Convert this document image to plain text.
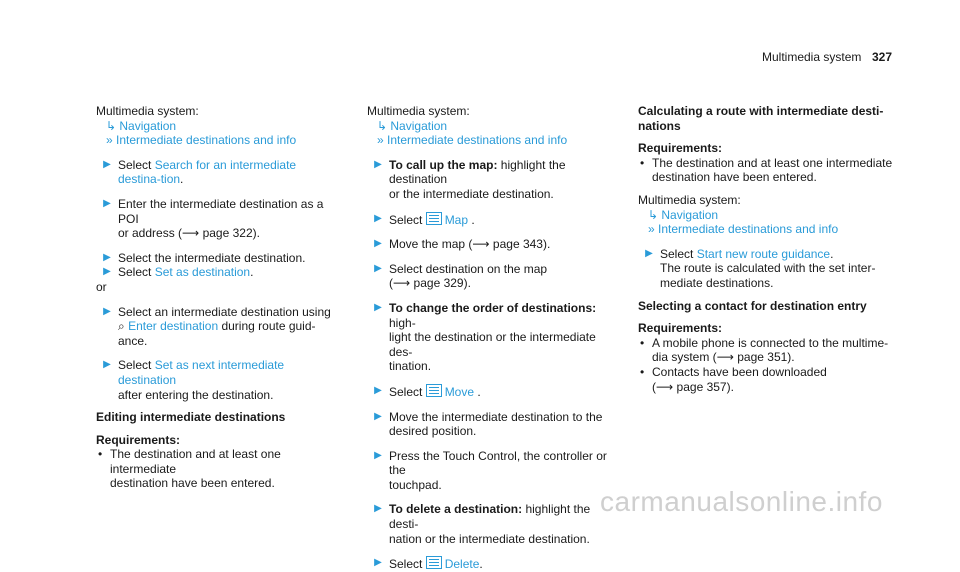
Multimedia system 327

Multimedia system:

↳ Navigation

» Intermediate destinations and info

▶ Select Search for an intermediate destina-tion.
▶ Enter the intermediate destination as a POI
or address (⟶ page 322).
▶ Select the intermediate destination.
▶ Select Set as destination.

or

▶ Select an intermediate destination using
⌕ Enter destination during route guid-
ance.
▶ Select Set as next intermediate destination
after entering the destination.

Editing intermediate destinations

Requirements:

• The destination and at least one intermediate
destination have been entered.

Multimedia system:

↳ Navigation

» Intermediate destinations and info

▶ To call up the map: highlight the destination
or the intermediate destination.
▶ Select Map .
▶ Move the map (⟶ page 343).
▶ Select destination on the map
(⟶ page 329).
▶ To change the order of destinations: high-
light the destination or the intermediate des-
tination.
▶ Select Move .
▶ Move the intermediate destination to the
desired position.
▶ Press the Touch Control, the controller or the
touchpad.
▶ To delete a destination: highlight the desti-
nation or the intermediate destination.
▶ Select Delete.

Calculating a route with intermediate desti-
nations

Requirements:

• The destination and at least one intermediate
destination have been entered.

Multimedia system:

↳ Navigation

» Intermediate destinations and info

▶ Select Start new route guidance.
The route is calculated with the set inter-
mediate destinations.

Selecting a contact for destination entry

Requirements:

• A mobile phone is connected to the multime-
dia system (⟶ page 351).
• Contacts have been downloaded
(⟶ page 357).
carmanualsonline.info
